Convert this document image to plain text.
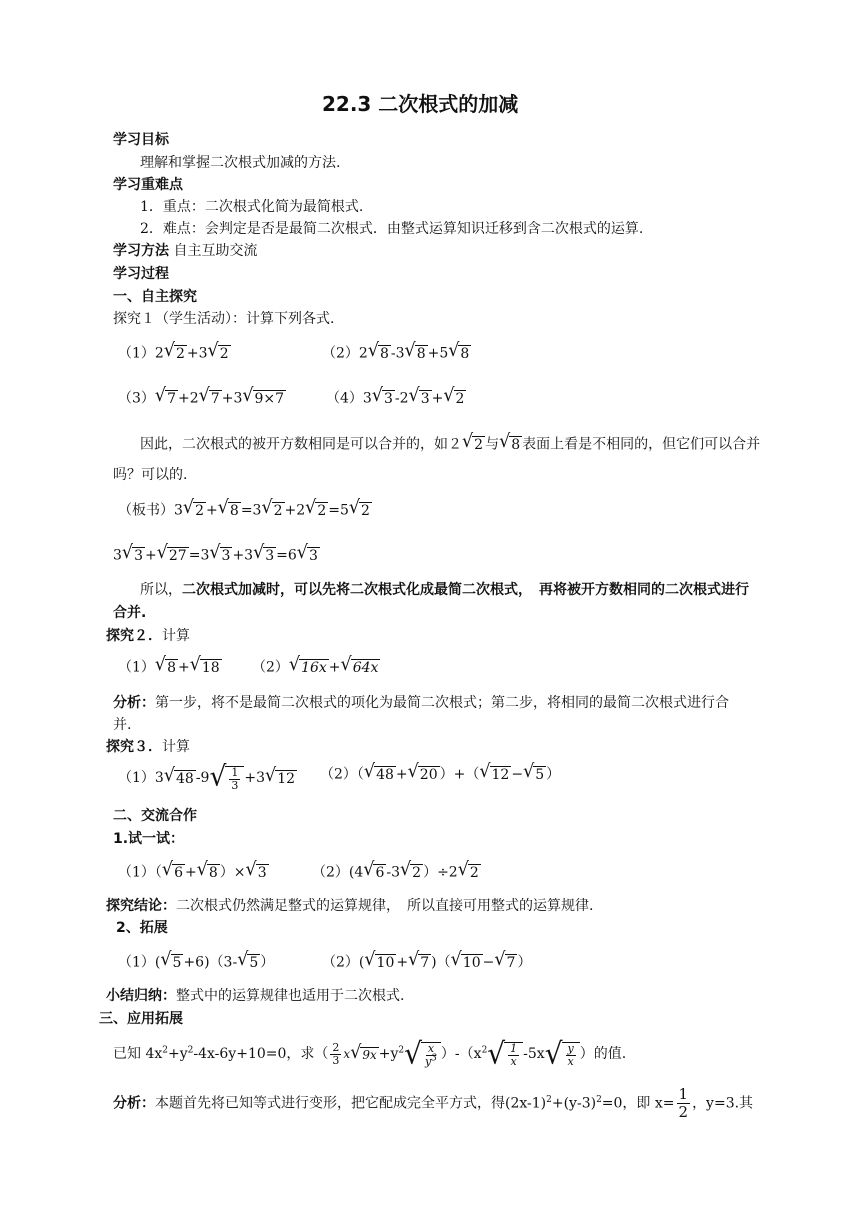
22.3 二次根式的加减
学习目标
理解和掌握二次根式加减的方法.
学习重难点
1．重点：二次根式化简为最简根式.
2．难点：会判定是否是最简二次根式．由整式运算知识迁移到含二次根式的运算.
学习方法 自主互助交流
学习过程
一、自主探究
探究１（学生活动）：计算下列各式.
（1）2 √ 2 +3 √ 2	（2）2 √ 8 -3 √ 8 +5 √ 8
（3） √ 7 +2 √ 7 +3 √ 9×7	（4）3 √ 3 -2 √ 3 + √ 2
因此，二次根式的被开方数相同是可以合并的，如２ √ 2 与 √ 8 表面上看是不相同的，但它们可以合并
吗？可以的.
（板书）3 √ 2 + √ 8 =3 √ 2 +2 √ 2 =5 √ 2
3 √ 3 + √ 27 =3 √ 3 +3 √ 3 =6 √ 3
所以，二次根式加减时，可以先将二次根式化成最简二次根式，　再将被开方数相同的二次根式进行
合并.
探究２．计算
（1） √ 8 + √ 18 （2） √ 16x + √ 64x
分析：第一步，将不是最简二次根式的项化为最简二次根式；第二步，将相同的最简二次根式进行合
并.
探究３．计算
（1）3 √ 48 -9 √ $\frac{1}{3} +3$ √ 12 （2）（ √ 48 + √ 20 ）+（ √ 12 − √ 5 ）
二、交流合作
1.试一试：
（1）（ √ 6 + √ 8 ）× √ 3	（2）(4 √ 6 -3 √ 2 ）÷2 √ 2
探究结论：二次根式仍然满足整式的运算规律，　所以直接可用整式的运算规律.
2、拓展
（1）( √ 5 +6)（3- √ 5 ）	（2）( √ 10 + √ 7 )（ √ 10 − √ 7 ）
小结归纳：整式中的运算规律也适用于二次根式.
三、应用拓展
已知 $4x^2+y^2-4x-6y+10=0$，求（ $\frac{2}{3}$ x √ $9x +y^2$ √ $\frac{x}{y^3} )-(x^2$ √ $\frac{1}{x} -5x$ √ $\frac{y}{x}$ ）的值.
分析：本题首先将已知等式进行变形，把它配成完全平方式，得$(2x-1)^2+(y-3)^2=0$，即 $x= \frac{1}{2}$ ，y=3.其
